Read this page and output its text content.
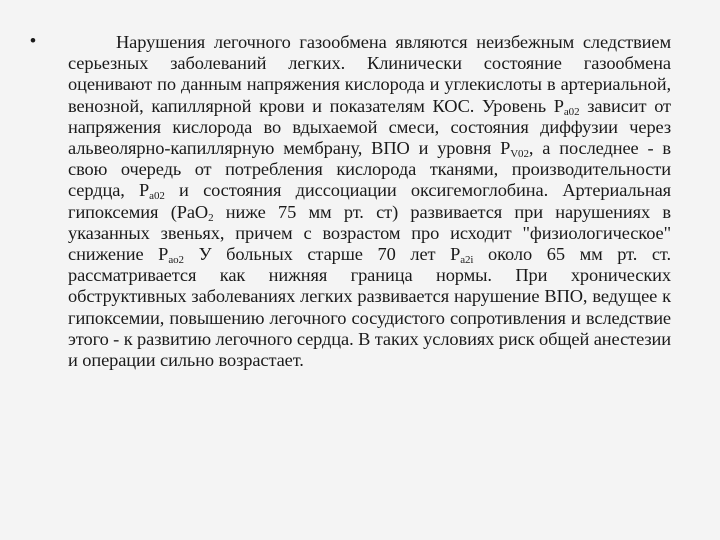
•	Нарушения легочного газообмена являются неизбежным следствием серьезных заболеваний легких. Клинически состояние газообмена оценивают по данным напряжения кислорода и углекислоты в артериальной, венозной, капиллярной крови и показателям КОС. Уровень $Р_{а02}$ зависит от напряжения кислорода во вдыхаемой смеси, состояния диффузии через альвеолярно-капиллярную мембрану, ВПО и уровня $Р_{V02}$, а последнее - в свою очередь от потребления кислорода тканями, производительности сердца, $Р_{а02}$ и состояния диссоциации оксигемоглобина. Артериальная гипоксемия (PaO$_2$ ниже 75 мм рт. ст) развивается при нарушениях в указанных звеньях, причем с возрастом про исходит "физиологическое" снижение $Р_{ао2}$ У больных старше 70 лет $Р_{а2i}$ около 65 мм рт. ст. рассматривается как нижняя граница нормы. При хронических обструктивных заболеваниях легких развивается нарушение ВПО, ведущее к гипоксемии, повышению легочного сосудистого сопротивления и вследствие этого - к развитию легочного сердца. В таких условиях риск общей анестезии и операции сильно возрастает.
